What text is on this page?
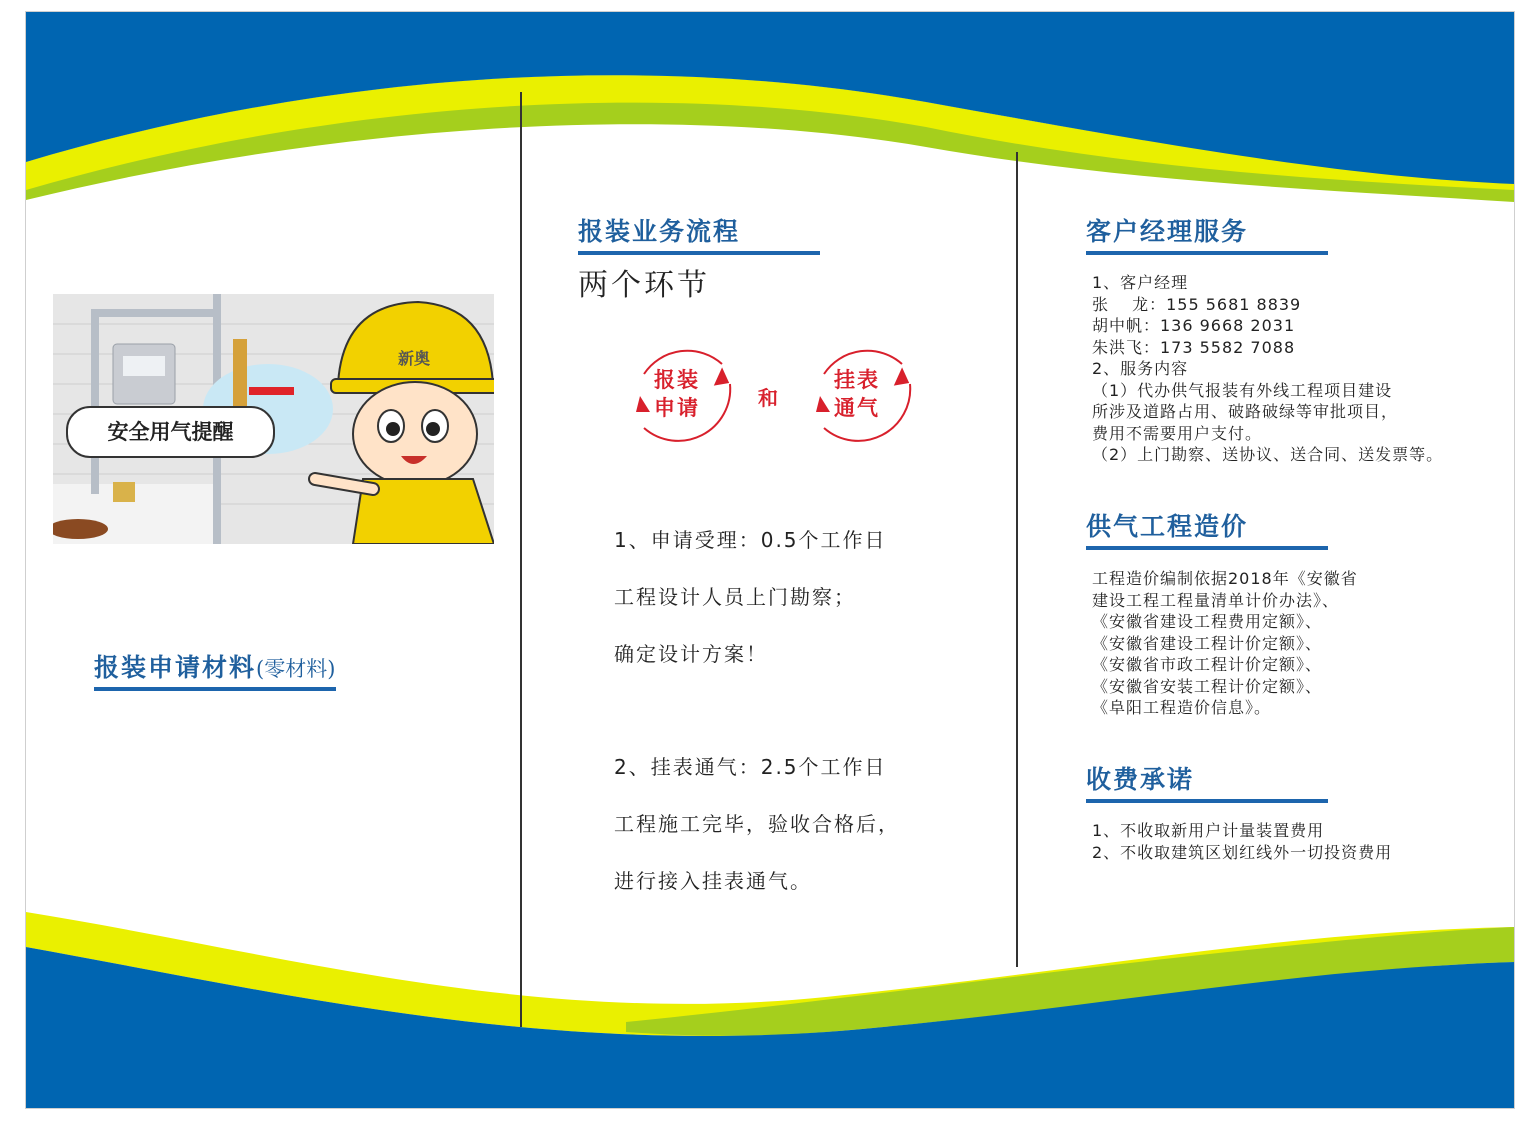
新奥
安全用气提醒
报装申请材料(零材料)
报装业务流程
两个环节
报装
申请	和
挂表
通气
1、申请受理：0.5个工作日
工程设计人员上门勘察；
确定设计方案！
2、挂表通气：2.5个工作日
工程施工完毕，验收合格后，
进行接入挂表通气。
客户经理服务
1、客户经理
张　 龙：155 5681 8839
胡中帆：136 9668 2031
朱洪飞：173 5582 7088
2、服务内容
（1）代办供气报装有外线工程项目建设
所涉及道路占用、破路破绿等审批项目，
费用不需要用户支付。
（2）上门勘察、送协议、送合同、送发票等。
供气工程造价
工程造价编制依据2018年《安徽省
建设工程工程量清单计价办法》、
《安徽省建设工程费用定额》、
《安徽省建设工程计价定额》、
《安徽省市政工程计价定额》、
《安徽省安装工程计价定额》、
《阜阳工程造价信息》。
收费承诺
1、不收取新用户计量装置费用
2、不收取建筑区划红线外一切投资费用
